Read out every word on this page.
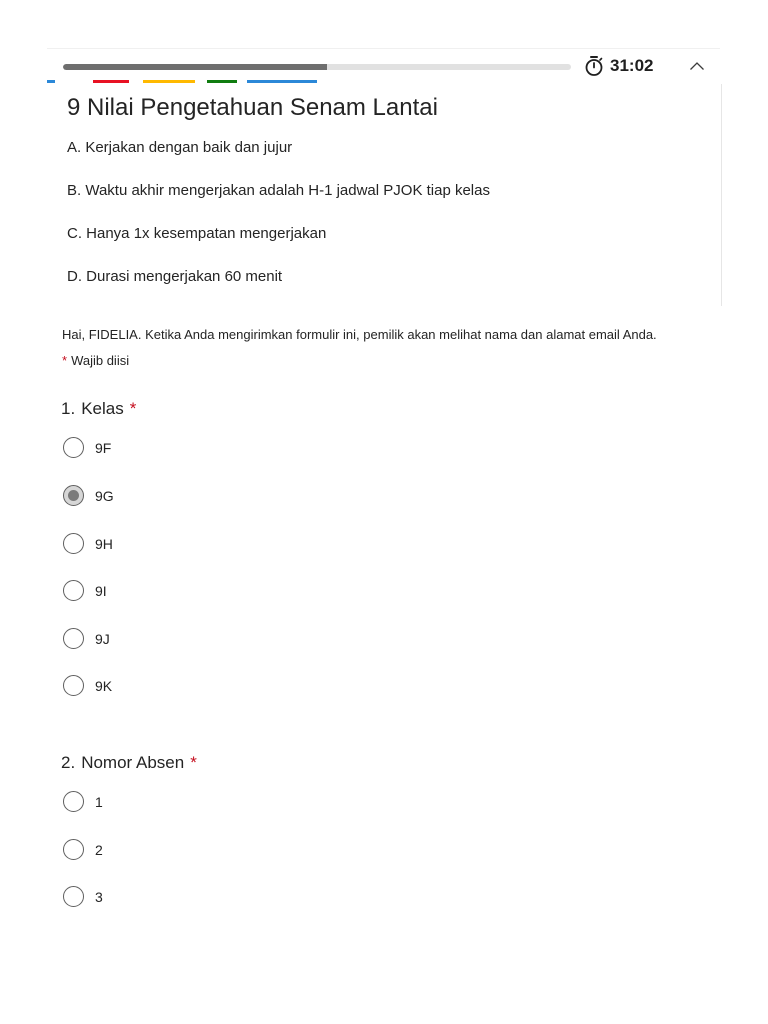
31:02
9 Nilai Pengetahuan Senam Lantai
A. Kerjakan dengan baik dan jujur
B. Waktu akhir mengerjakan adalah H-1 jadwal PJOK tiap kelas
C. Hanya 1x kesempatan mengerjakan
D. Durasi mengerjakan 60 menit
Hai, FIDELIA. Ketika Anda mengirimkan formulir ini, pemilik akan melihat nama dan alamat email Anda.
* Wajib diisi
1. Kelas *
9F
9G
9H
9I
9J
9K
2. Nomor Absen *
1
2
3
